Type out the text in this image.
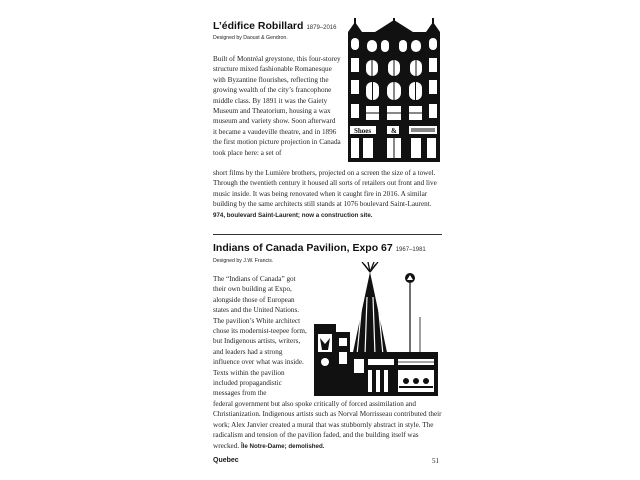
L’édifice Robillard 1879–2016
Designed by Daoust & Gendron.
Built of Montréal greystone, this four-storey structure mixed fashionable Romanesque with Byzantine flourishes, reflecting the growing wealth of the city’s francophone middle class. By 1891 it was the Gaiety Museum and Theatorium, housing a wax museum and variety show. Soon afterward it became a vaudeville theatre, and in 1896 the first motion picture projection in Canada took place here: a set of
short films by the Lumière brothers, projected on a screen the size of a towel. Through the twentieth century it housed all sorts of retailers out front and live music inside. It was being renovated when it caught fire in 2016. A similar building by the same architects still stands at 1076 boulevard Saint-Laurent. 974, boulevard Saint-Laurent; now a construction site.
Shoes	&
Indians of Canada Pavilion, Expo 67 1967–1981
Designed by J.W. Francis.
The “Indians of Canada” got their own building at Expo, alongside those of European states and the United Nations. The pavilion’s White architect chose its modernist-teepee form, but Indigenous artists, writers, and leaders had a strong influence over what was inside. Texts within the pavilion included propagandistic messages from the
federal government but also spoke critically of forced assimilation and Christianization. Indigenous artists such as Norval Morrisseau contributed their work; Alex Janvier created a mural that was stubbornly abstract in style. The radicalism and tension of the pavilion faded, and the building itself was wrecked. Île Notre-Dame; demolished.
Quebec	51
